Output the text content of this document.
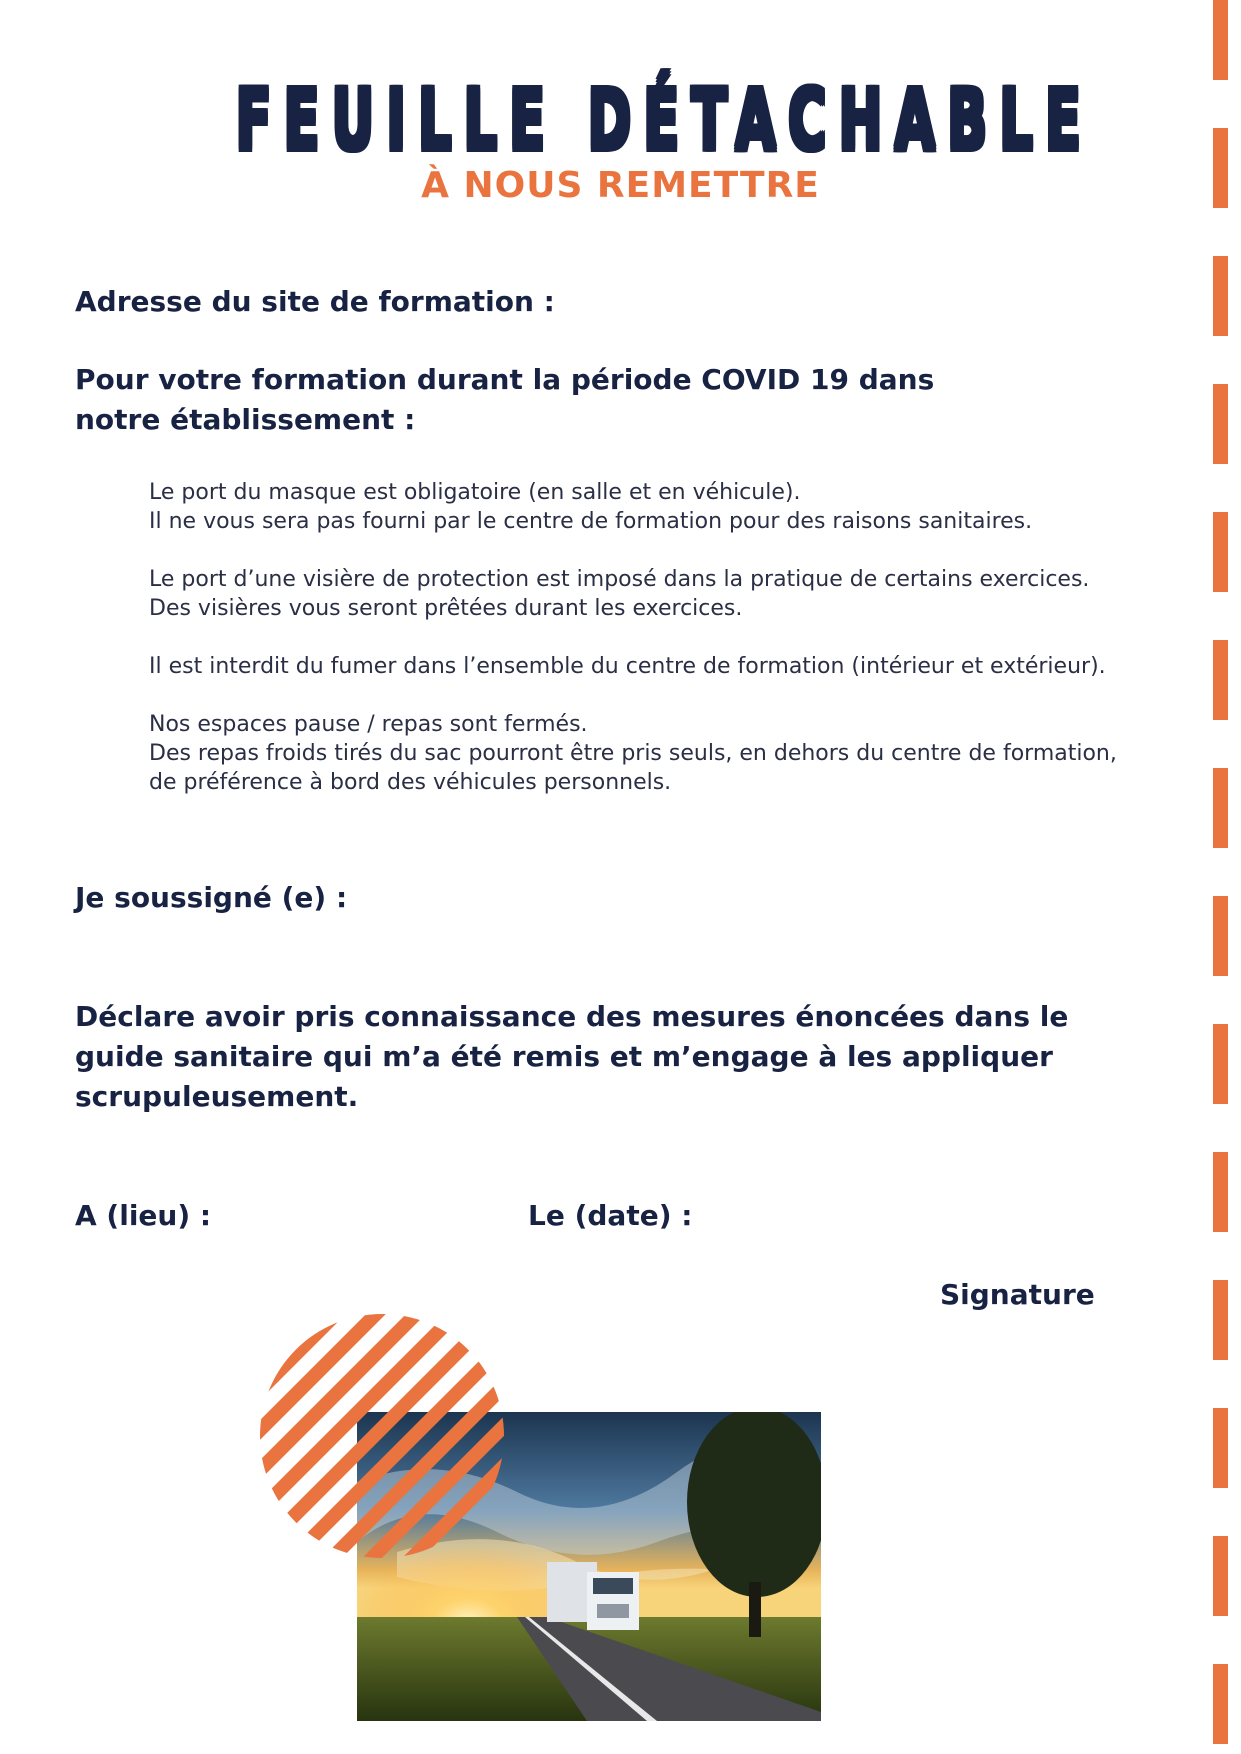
FEUILLE DÉTACHABLE
À NOUS REMETTRE
Adresse du site de formation :
Pour votre formation durant la période COVID 19 dans notre établissement :

Le port du masque est obligatoire (en salle et en véhicule).
Il ne vous sera pas fourni par le centre de formation pour des raisons sanitaires.

Le port d’une visière de protection est imposé dans la pratique de certains exercices.
Des visières vous seront prêtées durant les exercices.

Il est interdit du fumer dans l’ensemble du centre de formation (intérieur et extérieur).

Nos espaces pause / repas sont fermés.
Des repas froids tirés du sac pourront être pris seuls, en dehors du centre de formation,
de préférence à bord des véhicules personnels.

Je soussigné (e) :
Déclare avoir pris connaissance des mesures énoncées dans le guide sanitaire qui m’a été remis et m’engage à les appliquer scrupuleusement.
A (lieu) :	Le (date) :
Signature
